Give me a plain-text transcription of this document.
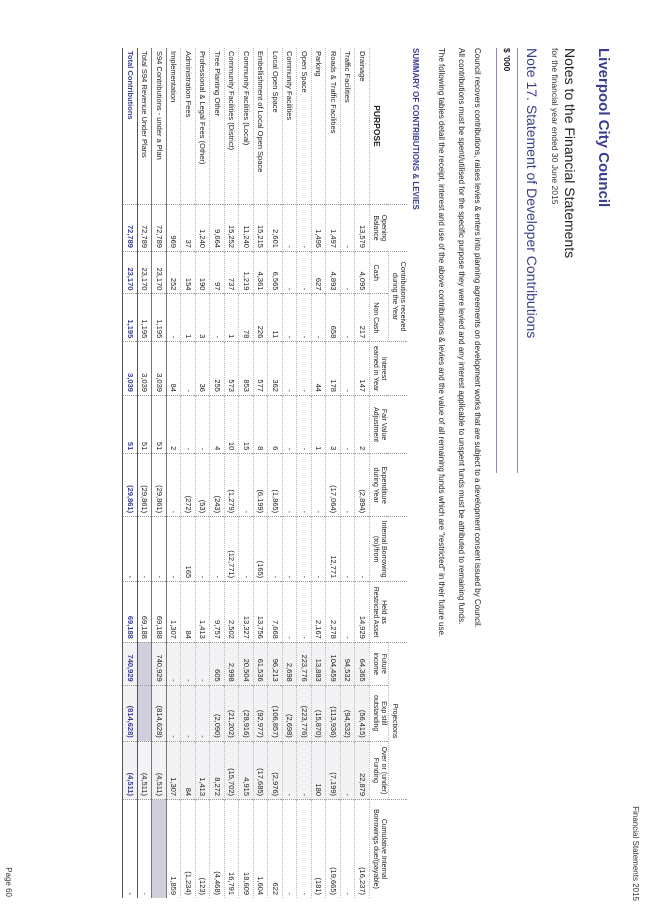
Financial Statements 2015
Liverpool City Council
Notes to the Financial Statements
for the financial year ended 30 June 2015
Note 17. Statement of Developer Contributions
$ '000
Council recovers contributions, raises levies & enters into planning agreements on development works that are subject to a development consent issued by Council.
All contributions must be spent/utilised for the specific purpose they were levied and any interest applicable to unspent funds must be attributed to remaining funds.
The following tables detail the receipt, interest and use of the above contributions & levies and the value of all remaining funds which are "restricted" in their future use.
SUMMARY OF CONTRIBUTIONS & LEVIES
PURPOSE	Opening Balance	Contributions received during the Year		Interest earned in Year	Fair Value Adjustment	Expenditure during Year	Internal Borrowing (to)/from	Held as Restricted Asset	Projections			Cumulative Internal Borrowings due/(payable)
		Cash	Non Cash						Future income	Exp still outstanding	Over or (under) Funding	
Drainage	13,579	4,095	217	147	2	(2,894)	-	14,929	64,365	(56,415)	22,879	(16,237)
Traffic Facilities	-	-	-	-	-	-	-	-	94,532	(94,532)	-	-
Roads & Traffic Facilities	1,497	4,893	658	178	3	(17,064)	12,771	2,278	104,459	(113,936)	(7,199)	(19,665)
Parking	1,495	627	-	44	1	-	-	2,167	13,883	(15,870)	180	(181)
Open Space	-	-	-	-	-	-	-	-	223,776	(223,776)	-	-
Community Facilities	-	-	-	-	-	-	-	-	2,698	(2,698)	-	-
Local Open Space	2,601	6,565	11	362	6	(1,865)	-	7,668	96,213	(106,857)	(2,976)	622
Embellishment of Local Open Space	15,215	4,361	226	577	8	(6,199)	(165)	13,756	61,536	(92,977)	(17,685)	1,604
Community Facilities (Local)	11,240	1,219	78	853	15	-	-	13,327	20,504	(28,916)	4,915	18,609
Community Facilities (District)	15,252	737	1	573	10	(1,279)	(12,771)	2,502	2,998	(21,202)	(15,702)	16,791
Tree Planting Other	9,664	97	-	255	4	(243)	-	9,757	605	(2,090)	8,272	(4,468)
Professional & Legal Fees (Other)	1,240	190	3	36	-	(53)	-	1,413	-	-	1,413	(123)
Administration Fees	37	154	1	-	-	(272)	165	84	-	-	84	(1,234)
Implementation	969	252	-	84	2	-	-	1,307	-	-	1,307	1,859
S94 Contributions - under a Plan	72,789	23,170	1,195	3,039	51	(29,861)	-	69,188	740,929	(814,628)	(4,511)	
Total S94 Revenue Under Plans	72,789	23,170	1,195	3,039	51	(29,861)	-	69,188			(4,511)	-
Total Contributions	72,789	23,170	1,195	3,039	51	(29,861)	-	69,188	740,929	(814,628)	(4,511)	-
Page 60
